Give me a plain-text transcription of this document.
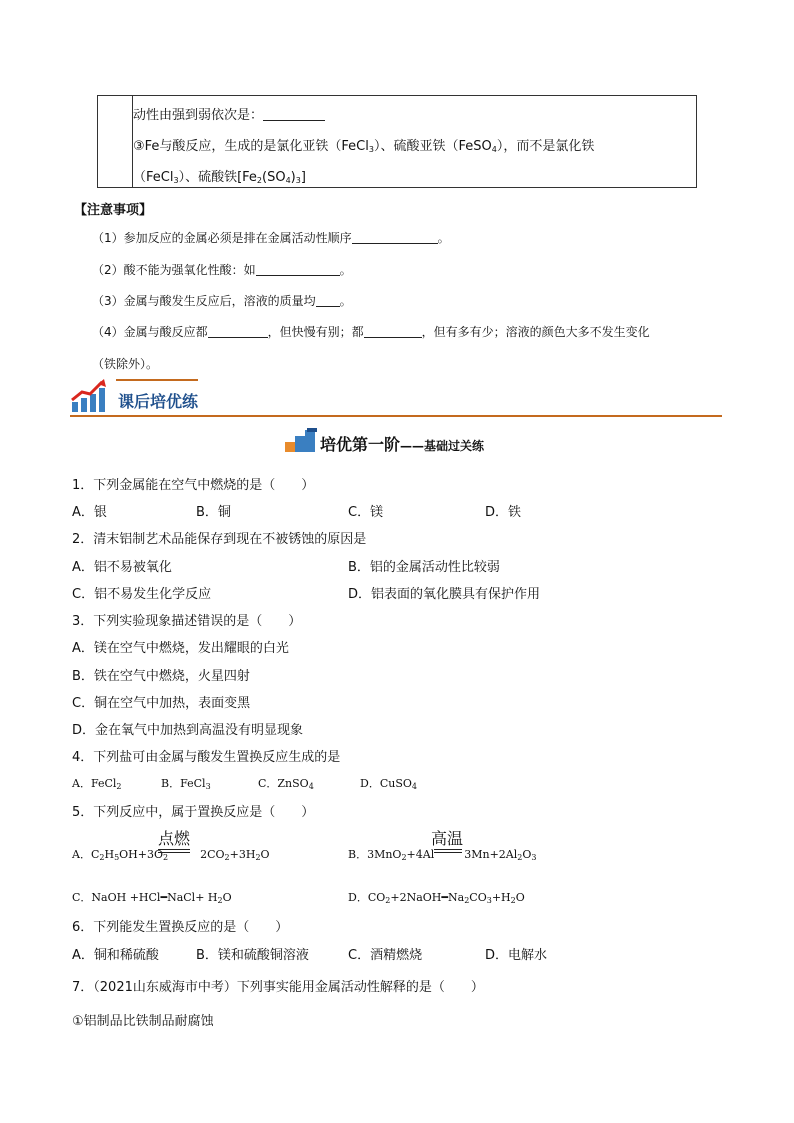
动性由强到弱依次是：
③Fe与酸反应，生成的是氯化亚铁（FeCl$_3$）、硫酸亚铁（FeSO$_4$），而不是氯化铁
（FeCl$_3$）、硫酸铁$[Fe_2(SO_4)_3]$
【注意事项】
（1）参加反应的金属必须是排在金属活动性顺序	。
（2）酸不能为强氧化性酸：如	。
（3）金属与酸发生反应后，溶液的质量均 。
（4）金属与酸反应都	，但快慢有别；都	，但有多有少；溶液的颜色大多不发生变化
（铁除外）。
课后培优练
培优第一阶——基础过关练
1．下列金属能在空气中燃烧的是（　　）
A．银	B．铜	C．镁	D．铁
2．清末铝制艺术品能保存到现在不被锈蚀的原因是
A．铝不易被氧化	B．铝的金属活动性比较弱
C．铝不易发生化学反应	D．铝表面的氧化膜具有保护作用
3．下列实验现象描述错误的是（　　）
A．镁在空气中燃烧，发出耀眼的白光
B．铁在空气中燃烧，火星四射
C．铜在空气中加热，表面变黑
D．金在氧气中加热到高温没有明显现象
4．下列盐可由金属与酸发生置换反应生成的是
A．FeCl$_2$	B．FeCl$_3$	C．ZnSO$_4$	D．CuSO$_4$
5．下列反应中，属于置换反应是（　　）
A．$C_2H_5OH+3O_2$	$2CO_2+3H_2O$
点燃
B．3MnO$_2$+4Al	$3Mn+2Al_2O_3$
高温
C．NaOH +HCl━NaCl+ $H_2O$	D．$CO_2+2NaOH━Na_2CO_3+H_2O$
6．下列能发生置换反应的是（　　）
A．铜和稀硫酸	B．镁和硫酸铜溶液	C．酒精燃烧	D．电解水
7．（2021山东威海市中考）下列事实能用金属活动性解释的是（　　）
①铝制品比铁制品耐腐蚀
